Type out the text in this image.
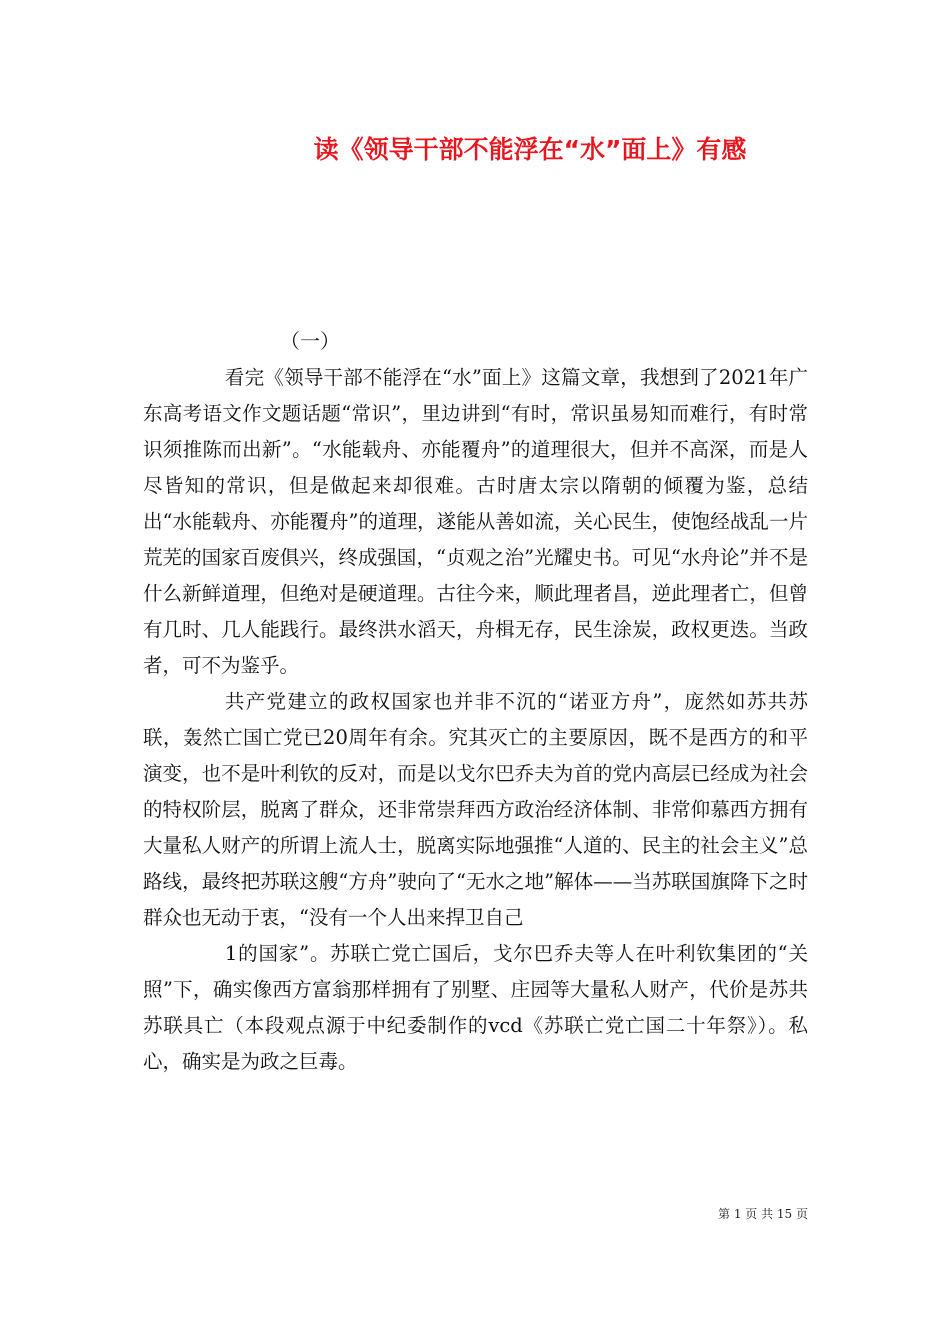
读《领导干部不能浮在“水”面上》有感
（一）

看完《领导干部不能浮在“水”面上》这篇文章，我想到了2021年广东高考语文作文题话题“常识”，里边讲到“有时，常识虽易知而难行，有时常识须推陈而出新”。“水能载舟、亦能覆舟”的道理很大，但并不高深，而是人尽皆知的常识，但是做起来却很难。古时唐太宗以隋朝的倾覆为鉴，总结出“水能载舟、亦能覆舟”的道理，遂能从善如流，关心民生，使饱经战乱一片荒芜的国家百废俱兴，终成强国，“贞观之治”光耀史书。可见“水舟论”并不是什么新鲜道理，但绝对是硬道理。古往今来，顺此理者昌，逆此理者亡，但曾有几时、几人能践行。最终洪水滔天，舟楫无存，民生涂炭，政权更迭。当政者，可不为鉴乎。

共产党建立的政权国家也并非不沉的“诺亚方舟”，庞然如苏共苏联，轰然亡国亡党已20周年有余。究其灭亡的主要原因，既不是西方的和平演变，也不是叶利钦的反对，而是以戈尔巴乔夫为首的党内高层已经成为社会的特权阶层，脱离了群众，还非常崇拜西方政治经济体制、非常仰慕西方拥有大量私人财产的所谓上流人士，脱离实际地强推“人道的、民主的社会主义”总路线，最终把苏联这艘“方舟”驶向了“无水之地”解体——当苏联国旗降下之时群众也无动于衷，“没有一个人出来捍卫自己

1的国家”。苏联亡党亡国后，戈尔巴乔夫等人在叶利钦集团的“关照”下，确实像西方富翁那样拥有了别墅、庄园等大量私人财产，代价是苏共苏联具亡（本段观点源于中纪委制作的vcd《苏联亡党亡国二十年祭》）。私心，确实是为政之巨毒。

第 1 页 共 15 页
